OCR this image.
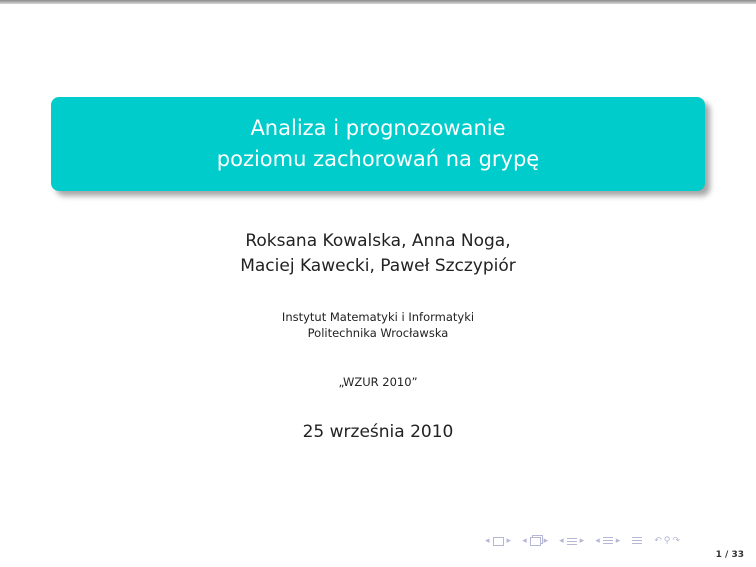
Analiza i prognozowanie
poziomu zachorowań na grypę
Roksana Kowalska, Anna Noga,
Maciej Kawecki, Paweł Szczypiór
Instytut Matematyki i Informatyki
Politechnika Wrocławska
„WZUR 2010”
25 września 2010
◂ ▸ ◂ ▸ ◂ ▸ ◂ ▸	↶ ⚲ ↷
1 / 33
